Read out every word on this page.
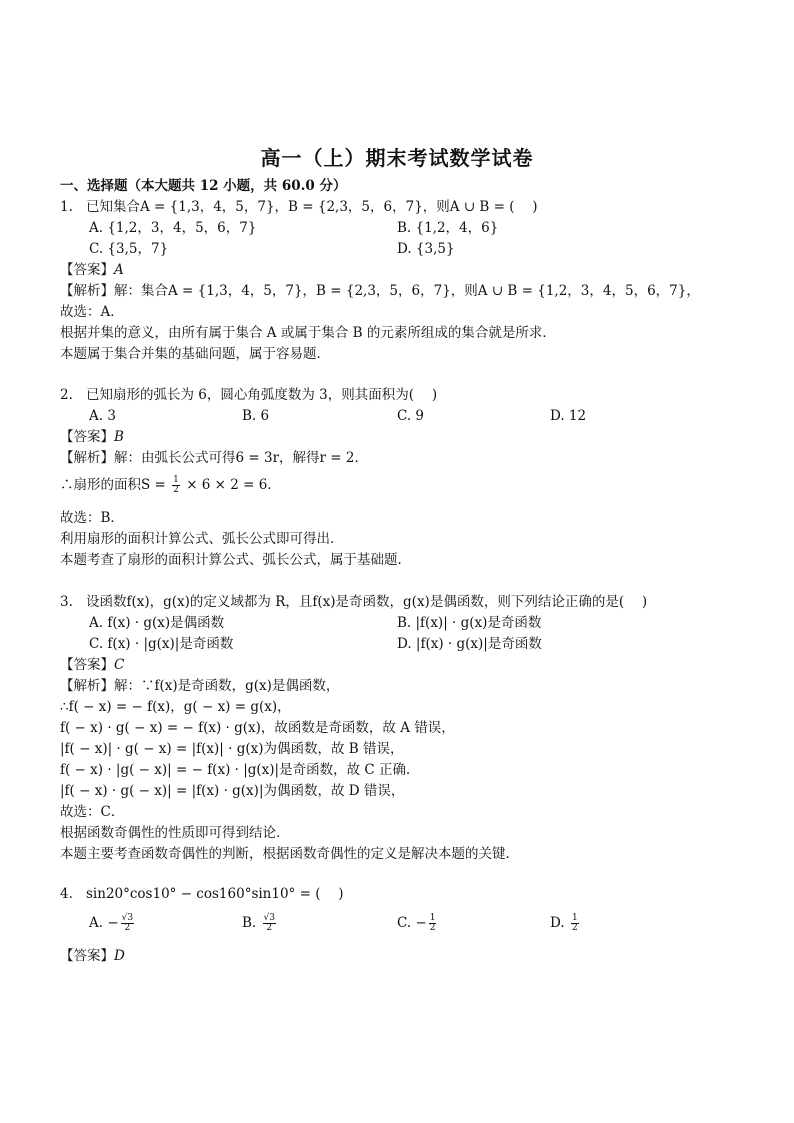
高一（上）期末考试数学试卷
一、选择题（本大题共 12 小题，共 60.0 分）
1. 已知集合A = {1,3，4，5，7}，B = {2,3，5，6，7}，则A ∪ B = (　 )
A. {1,2，3，4，5，6，7}	B. {1,2，4，6}
C. {3,5，7}	D. {3,5}
【答案】A
【解析】解：集合A = {1,3，4，5，7}，B = {2,3，5，6，7}，则A ∪ B = {1,2，3，4，5，6，7}，
故选：A．
根据并集的意义，由所有属于集合 A 或属于集合 B 的元素所组成的集合就是所求．
本题属于集合并集的基础问题，属于容易题．
2. 已知扇形的弧长为 6，圆心角弧度数为 3，则其面积为(　 )
A. 3	B. 6	C. 9	D. 12
【答案】B
【解析】解：由弧长公式可得6 = 3r，解得r = 2．
∴扇形的面积$S = \frac{1}{2} \times 6 \times 2 = 6$．
故选：B．
利用扇形的面积计算公式、弧长公式即可得出．
本题考查了扇形的面积计算公式、弧长公式，属于基础题．
3. 设函数f(x)，g(x)的定义域都为 R，且f(x)是奇函数，g(x)是偶函数，则下列结论正确的是(　 )
A. f(x) · g(x)是偶函数	B. |f(x)| · g(x)是奇函数
C. f(x) · |g(x)|是奇函数	D. |f(x) · g(x)|是奇函数
【答案】C
【解析】解：∵f(x)是奇函数，g(x)是偶函数，
∴f( − x) = − f(x)，g( − x) = g(x)，
f( − x) · g( − x) = − f(x) · g(x)，故函数是奇函数，故 A 错误，
|f( − x)| · g( − x) = |f(x)| · g(x)为偶函数，故 B 错误，
f( − x) · |g( − x)| = − f(x) · |g(x)|是奇函数，故 C 正确．
|f( − x) · g( − x)| = |f(x) · g(x)|为偶函数，故 D 错误，
故选：C．
根据函数奇偶性的性质即可得到结论．
本题主要考查函数奇偶性的判断，根据函数奇偶性的定义是解决本题的关键．
4. sin20°cos10° − cos160°sin10° = (　 )
A. − $\frac{√3}{2}$	B. $\frac{√3}{2}$	C. − $\frac{1}{2}$	D. $\frac{1}{2}$
【答案】D
